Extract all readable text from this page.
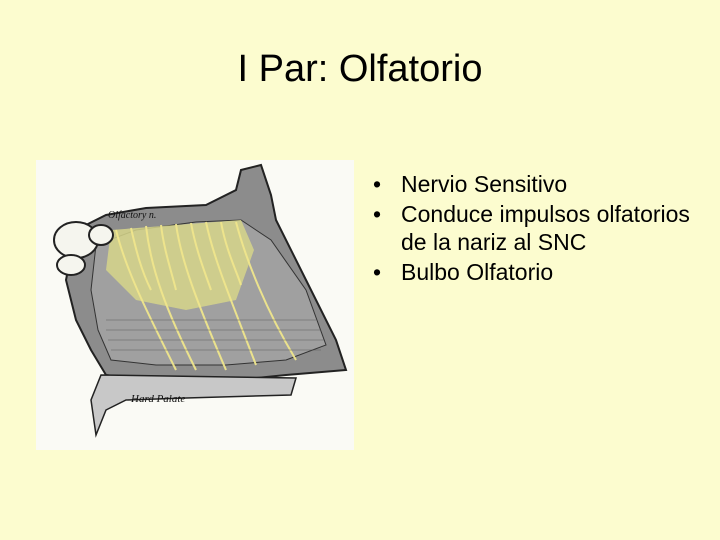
I Par: Olfatorio
Olfactory n.
Hard Palate
• Nervio Sensitivo
• Conduce impulsos olfatorios de la nariz al SNC
• Bulbo Olfatorio
